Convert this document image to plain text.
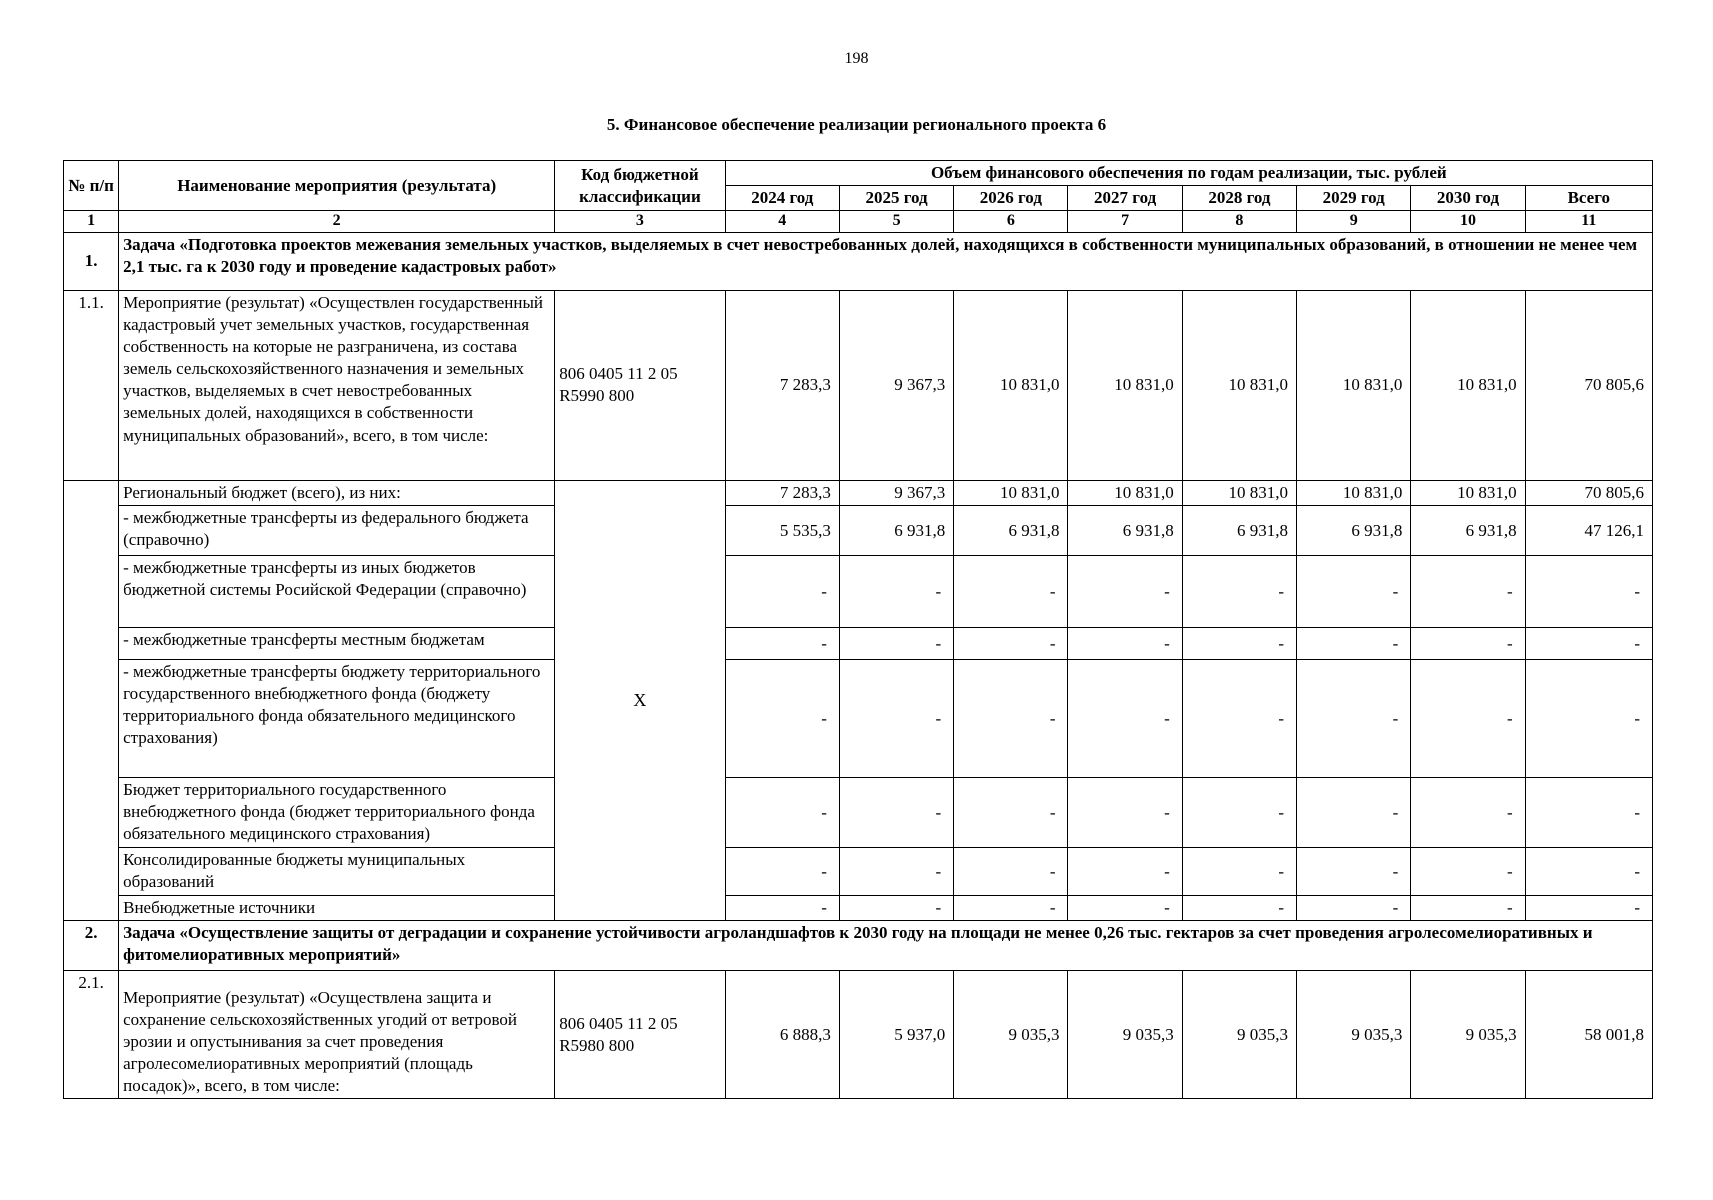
198
5. Финансовое обеспечение реализации регионального проекта 6
№ п/п	Наименование мероприятия (результата)	Код бюджетной классификации	Объем финансового обеспечения по годам реализации, тыс. рублей							
			2024 год	2025 год	2026 год	2027 год	2028 год	2029 год	2030 год	Всего
1	2	3	4	5	6	7	8	9	10	11
1.	Задача «Подготовка проектов межевания земельных участков, выделяемых в счет невостребованных долей, находящихся в собственности муниципальных образований, в отношении не менее чем 2,1 тыс. га к 2030 году и проведение кадастровых работ»									
1.1.	Мероприятие (результат) «Осуществлен государственный кадастровый учет земельных участков, государственная собственность на которые не разграничена, из состава земель сельскохозяйственного назначения и земельных участков, выделяемых в счет невостребованных земельных долей, находящихся в собственности муниципальных образований», всего, в том числе:	806 0405 11 2 05 R5990 800	7 283,3	9 367,3	10 831,0	10 831,0	10 831,0	10 831,0	10 831,0	70 805,6
	Региональный бюджет (всего), из них:	X	7 283,3	9 367,3	10 831,0	10 831,0	10 831,0	10 831,0	10 831,0	70 805,6
	- межбюджетные трансферты из федерального бюджета (справочно)		5 535,3	6 931,8	6 931,8	6 931,8	6 931,8	6 931,8	6 931,8	47 126,1
	- межбюджетные трансферты из иных бюджетов бюджетной системы Росийской Федерации (справочно)		-	-	-	-	-	-	-	-
	- межбюджетные трансферты местным бюджетам		-	-	-	-	-	-	-	-
	- межбюджетные трансферты бюджету территориального государственного внебюджетного фонда (бюджету территориального фонда обязательного медицинского страхования)		-	-	-	-	-	-	-	-
	Бюджет территориального государственного внебюджетного фонда (бюджет территориального фонда обязательного медицинского страхования)		-	-	-	-	-	-	-	-
	Консолидированные бюджеты муниципальных образований		-	-	-	-	-	-	-	-
	Внебюджетные источники		-	-	-	-	-	-	-	-
2.	Задача «Осуществление защиты от деградации и сохранение устойчивости агроландшафтов к 2030 году на площади не менее 0,26 тыс. гектаров за счет проведения агролесомелиоративных и фитомелиоративных мероприятий»									
2.1.	Мероприятие (результат) «Осуществлена защита и сохранение сельскохозяйственных угодий от ветровой эрозии и опустынивания за счет проведения агролесомелиоративных мероприятий (площадь посадок)», всего, в том числе:	806 0405 11 2 05 R5980 800	6 888,3	5 937,0	9 035,3	9 035,3	9 035,3	9 035,3	9 035,3	58 001,8
